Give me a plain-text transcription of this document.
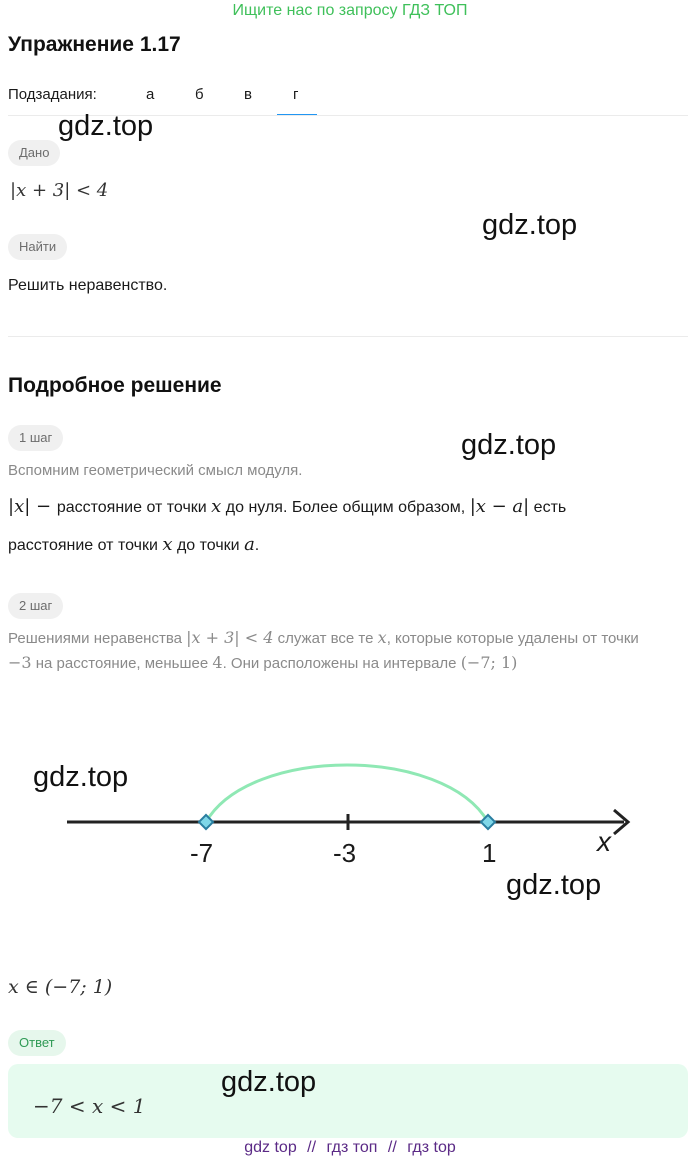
Ищите нас по запросу ГДЗ ТОП
Упражнение 1.17
Подзадания:	а	б	в	г
Дано
|x + 3| < 4
Найти
Решить неравенство.
Подробное решение
1 шаг
Вспомним геометрический смысл модуля.
|x| − расстояние от точки x до нуля. Более общим образом, |x − a| есть
расстояние от точки x до точки a.
2 шаг
Решениями неравенства |x + 3| < 4 служат все те x, которые которые удалены от точки
−3 на расстояние, меньшее 4. Они расположены на интервале (−7; 1)
-7	-3	1	x
x ∈ (−7; 1)
Ответ
−7 < x < 1
gdz.top
gdz.top
gdz.top
gdz.top
gdz.top
gdz.top
gdz top // гдз топ // гдз top
